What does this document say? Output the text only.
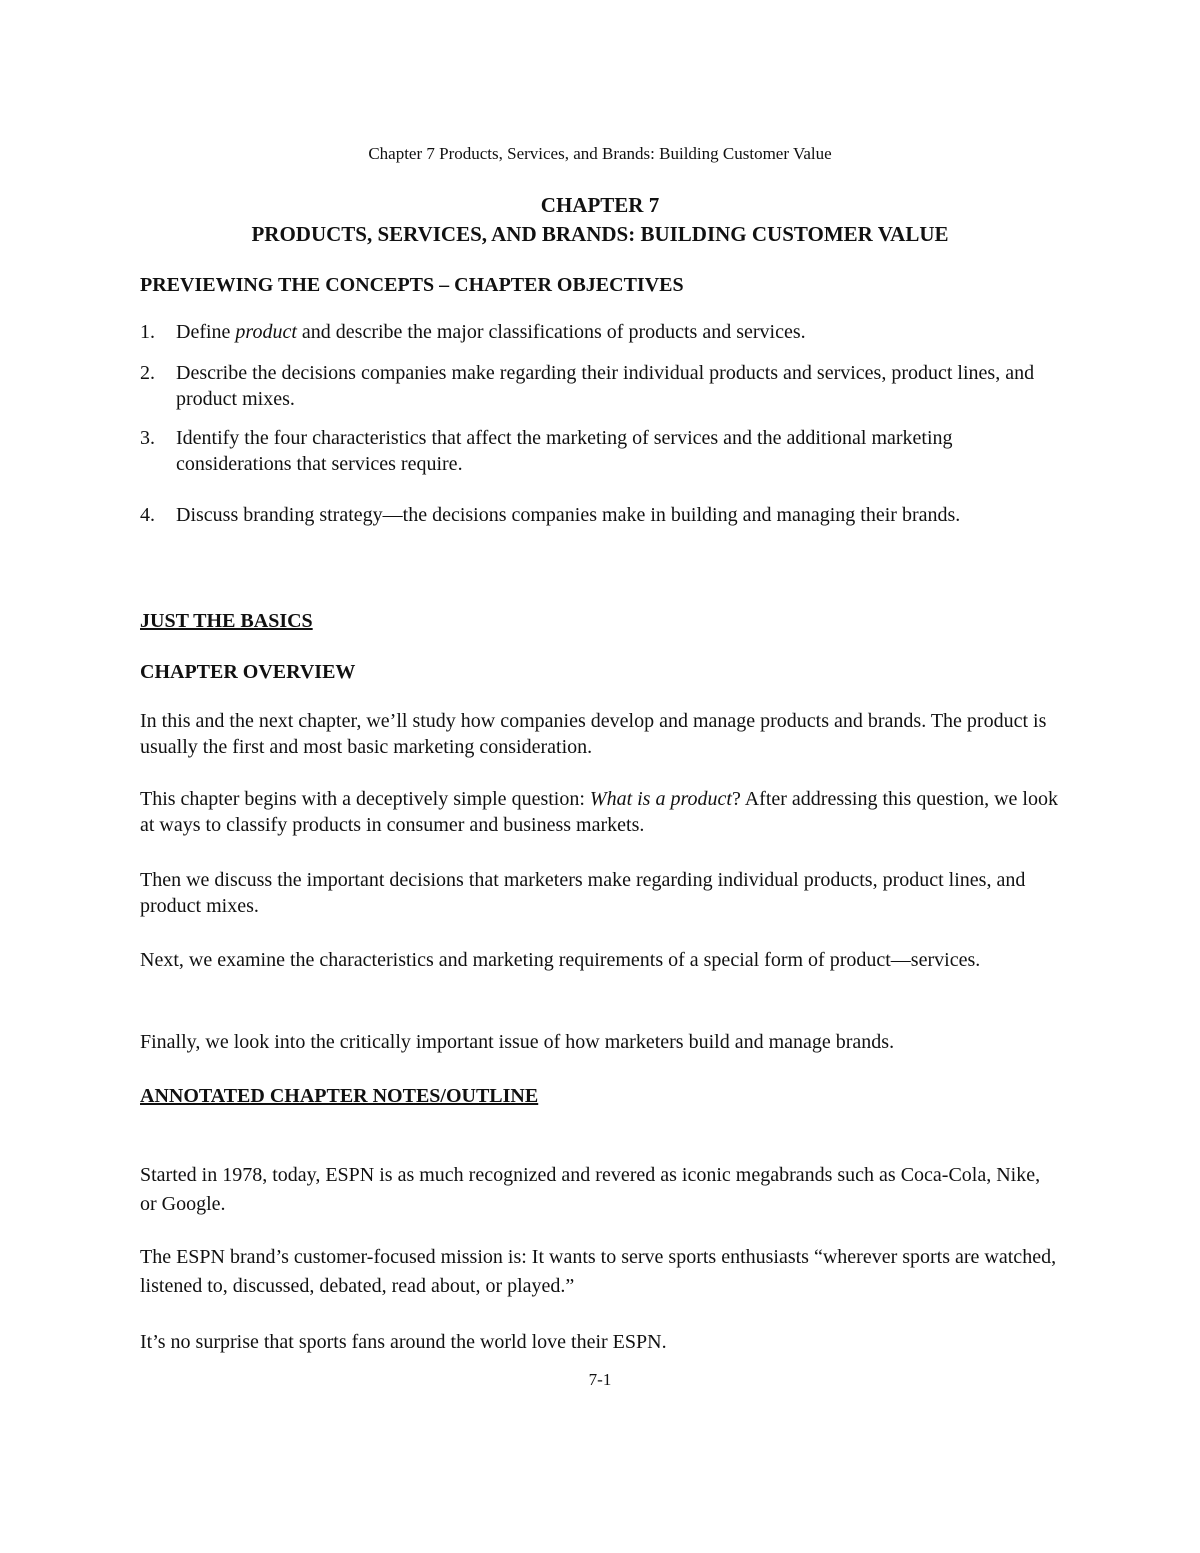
Chapter 7 Products, Services, and Brands: Building Customer Value
CHAPTER 7
PRODUCTS, SERVICES, AND BRANDS: BUILDING CUSTOMER VALUE
PREVIEWING THE CONCEPTS – CHAPTER OBJECTIVES
1. Define product and describe the major classifications of products and services.
2. Describe the decisions companies make regarding their individual products and services, product lines, and product mixes.
3. Identify the four characteristics that affect the marketing of services and the additional marketing considerations that services require.
4. Discuss branding strategy—the decisions companies make in building and managing their brands.
JUST THE BASICS
CHAPTER OVERVIEW

In this and the next chapter, we’ll study how companies develop and manage products and brands. The product is usually the first and most basic marketing consideration.

This chapter begins with a deceptively simple question: What is a product? After addressing this question, we look at ways to classify products in consumer and business markets.

Then we discuss the important decisions that marketers make regarding individual products, product lines, and product mixes.

Next, we examine the characteristics and marketing requirements of a special form of product—services.

Finally, we look into the critically important issue of how marketers build and manage brands.

ANNOTATED CHAPTER NOTES/OUTLINE

Started in 1978, today, ESPN is as much recognized and revered as iconic megabrands such as Coca-Cola, Nike, or Google.

The ESPN brand’s customer-focused mission is: It wants to serve sports enthusiasts “wherever sports are watched, listened to, discussed, debated, read about, or played.”

It’s no surprise that sports fans around the world love their ESPN.

7-1
